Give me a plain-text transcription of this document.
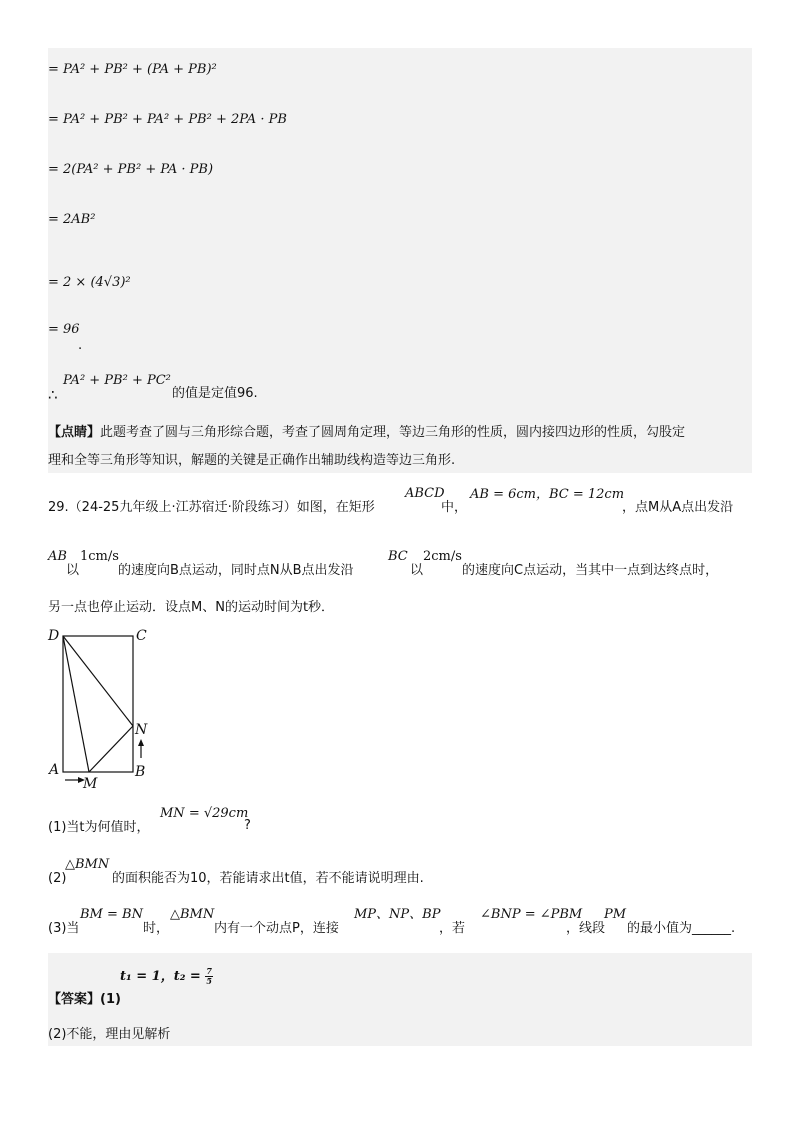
= PA² + PB² + (PA + PB)²
= PA² + PB² + PA² + PB² + 2PA · PB
= 2(PA² + PB² + PA · PB)
= 2AB²
= 2 × (4√3)²
= 96
.
∴
PA² + PB² + PC²
的值是定值96.
【点睛】此题考查了圆与三角形综合题，考查了圆周角定理，等边三角形的性质，圆内接四边形的性质，勾股定
理和全等三角形等知识，解题的关键是正确作出辅助线构造等边三角形.
29.（24-25九年级上·江苏宿迁·阶段练习）如图，在矩形
ABCD
中，
AB = 6cm，BC = 12cm
，点M从A点出发沿
AB
以
1cm/s
的速度向B点运动，同时点N从B点出发沿
BC
以
2cm/s
的速度向C点运动，当其中一点到达终点时，
另一点也停止运动．设点M、N的运动时间为t秒．
D	C
N
A
M
B
(1)当t为何值时，
MN = √29cm
?
△BMN
(2)	的面积能否为10，若能请求出t值，若不能请说明理由.
(3)当
BM = BN
时，
△BMN
内有一个动点P，连接
MP、NP、BP
，若
∠BNP = ∠PBM
，线段
PM
的最小值为______.
t₁ = 1，$t_2 = \frac{7}{5}$
【答案】(1)
(2)不能，理由见解析
